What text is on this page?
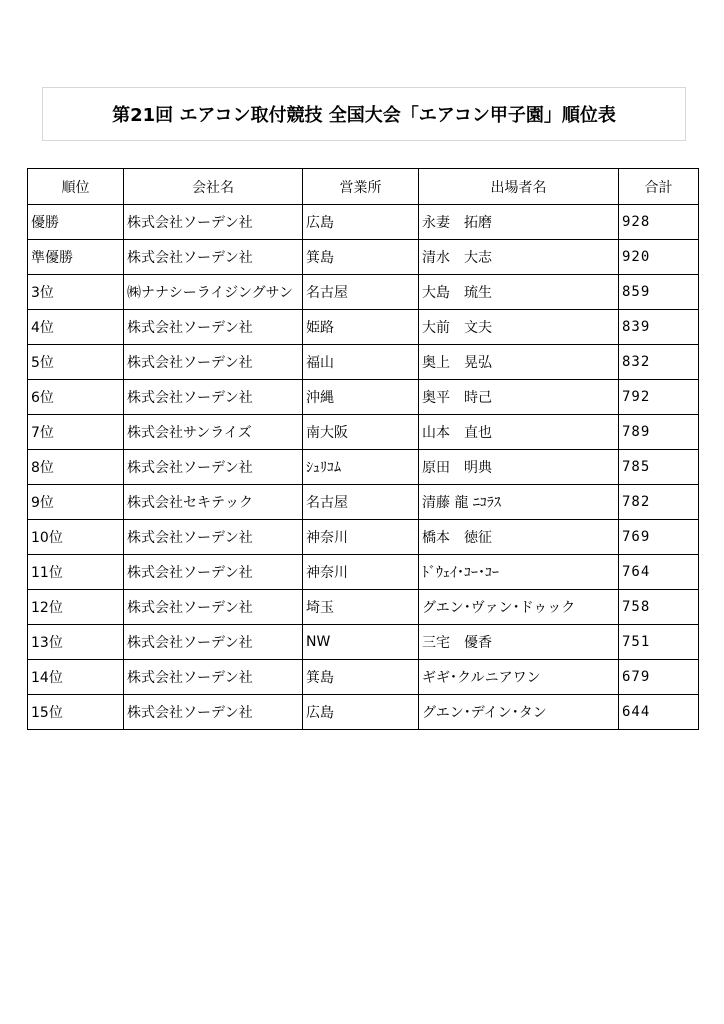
第21回 エアコン取付競技 全国大会「エアコン甲子園」順位表
順位	会社名	営業所	出場者名	合計
優勝	株式会社ソーデン社	広島	永妻　拓磨	928
準優勝	株式会社ソーデン社	箕島	清水　大志	920
3位	㈱ナナシーライジングサン	名古屋	大島　琉生	859
4位	株式会社ソーデン社	姫路	大前　文夫	839
5位	株式会社ソーデン社	福山	奥上　晃弘	832
6位	株式会社ソーデン社	沖縄	奥平　時己	792
7位	株式会社サンライズ	南大阪	山本　直也	789
8位	株式会社ソーデン社	ｼｭﾘｺﾑ	原田　明典	785
9位	株式会社セキテック	名古屋	清藤 龍 ﾆｺﾗｽ	782
10位	株式会社ソーデン社	神奈川	橋本　徳征	769
11位	株式会社ソーデン社	神奈川	ﾄﾞｳｪｲ･ｺｰ･ｺｰ	764
12位	株式会社ソーデン社	埼玉	グエン･ヴァン･ドゥック	758
13位	株式会社ソーデン社	NW	三宅　優香	751
14位	株式会社ソーデン社	箕島	ギギ･クルニアワン	679
15位	株式会社ソーデン社	広島	グエン･デイン･タン	644
